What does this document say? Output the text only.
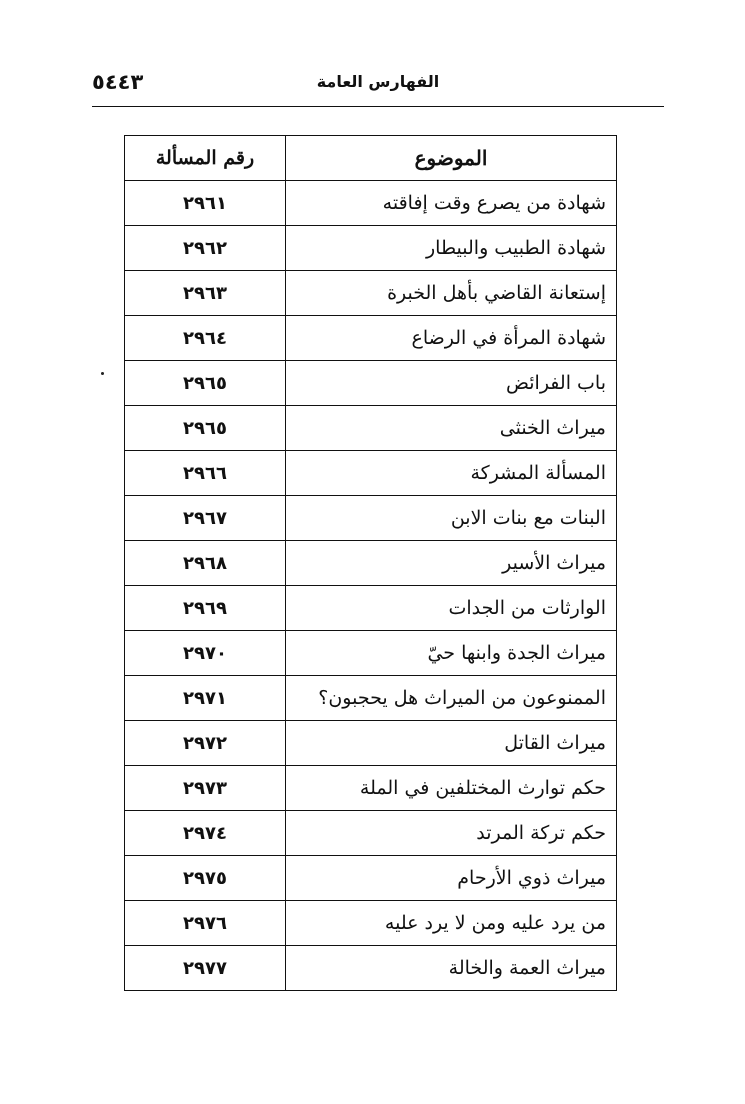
٥٤٤٣	الفهارس العامة
الموضوع	رقم المسألة
شهادة من يصرع وقت إفاقته	٢٩٦١
شهادة الطبيب والبيطار	٢٩٦٢
إستعانة القاضي بأهل الخبرة	٢٩٦٣
شهادة المرأة في الرضاع	٢٩٦٤
باب الفرائض	٢٩٦٥
ميراث الخنثى	٢٩٦٥
المسألة المشركة	٢٩٦٦
البنات مع بنات الابن	٢٩٦٧
ميراث الأسير	٢٩٦٨
الوارثات من الجدات	٢٩٦٩
ميراث الجدة وابنها حيّ	٢٩٧٠
الممنوعون من الميراث هل يحجبون؟	٢٩٧١
ميراث القاتل	٢٩٧٢
حكم توارث المختلفين في الملة	٢٩٧٣
حكم تركة المرتد	٢٩٧٤
ميراث ذوي الأرحام	٢٩٧٥
من يرد عليه ومن لا يرد عليه	٢٩٧٦
ميراث العمة والخالة	٢٩٧٧
